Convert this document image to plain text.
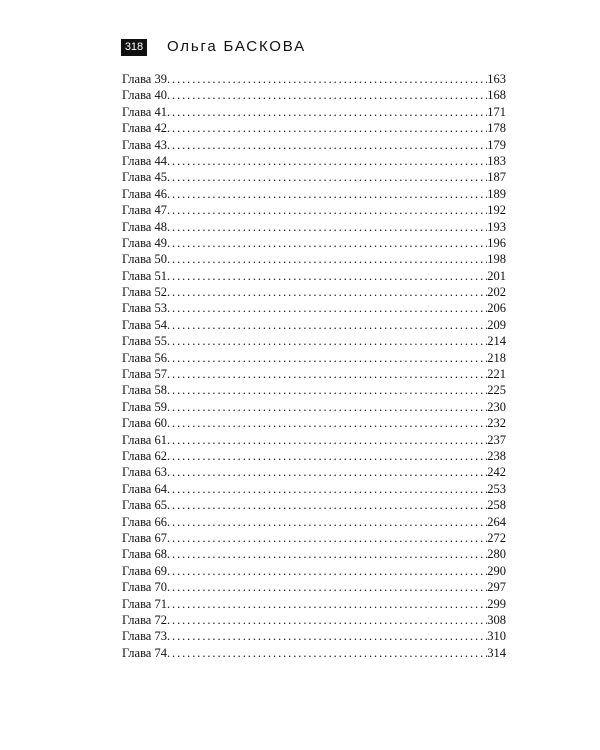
318 Ольга БАСКОВА
Глава 39 . . .	163
Глава 40 . . .	168
Глава 41 . . .	171
Глава 42 . . .	178
Глава 43 . . .	179
Глава 44 . . .	183
Глава 45 . . .	187
Глава 46 . . .	189
Глава 47 . . .	192
Глава 48 . . .	193
Глава 49 . . .	196
Глава 50 . . .	198
Глава 51 . . .	201
Глава 52 . . .	202
Глава 53 . . .	206
Глава 54 . . .	209
Глава 55 . . .	214
Глава 56 . . .	218
Глава 57 . . .	221
Глава 58 . . .	225
Глава 59 . . .	230
Глава 60 . . .	232
Глава 61 . . .	237
Глава 62 . . .	238
Глава 63 . . .	242
Глава 64 . . .	253
Глава 65 . . .	258
Глава 66 . . .	264
Глава 67 . . .	272
Глава 68 . . .	280
Глава 69 . . .	290
Глава 70 . . .	297
Глава 71 . . .	299
Глава 72 . . .	308
Глава 73 . . .	310
Глава 74 . . .	314
